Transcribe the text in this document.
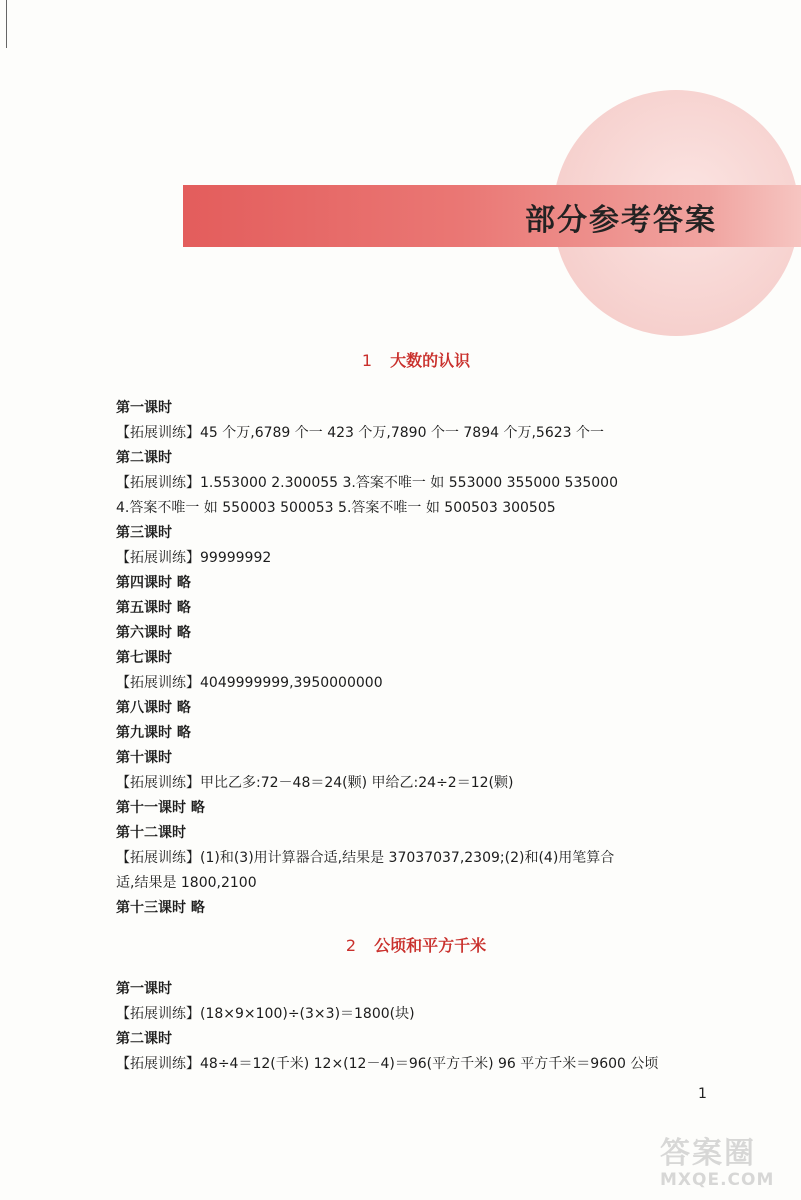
部分参考答案
1 大数的认识
第一课时
【拓展训练】45 个万,6789 个一 423 个万,7890 个一 7894 个万,5623 个一
第二课时
【拓展训练】1.553000 2.300055 3.答案不唯一 如 553000 355000 535000
4.答案不唯一 如 550003 500053 5.答案不唯一 如 500503 300505
第三课时
【拓展训练】99999992
第四课时 略
第五课时 略
第六课时 略
第七课时
【拓展训练】4049999999,3950000000
第八课时 略
第九课时 略
第十课时
【拓展训练】甲比乙多:72－48＝24(颗) 甲给乙:24÷2＝12(颗)
第十一课时 略
第十二课时
【拓展训练】(1)和(3)用计算器合适,结果是 37037037,2309;(2)和(4)用笔算合
适,结果是 1800,2100
第十三课时 略
2 公顷和平方千米
第一课时
【拓展训练】(18×9×100)÷(3×3)＝1800(块)
第二课时
【拓展训练】48÷4＝12(千米) 12×(12－4)＝96(平方千米) 96 平方千米＝9600 公顷
1
答案圈
MXQE.COM
